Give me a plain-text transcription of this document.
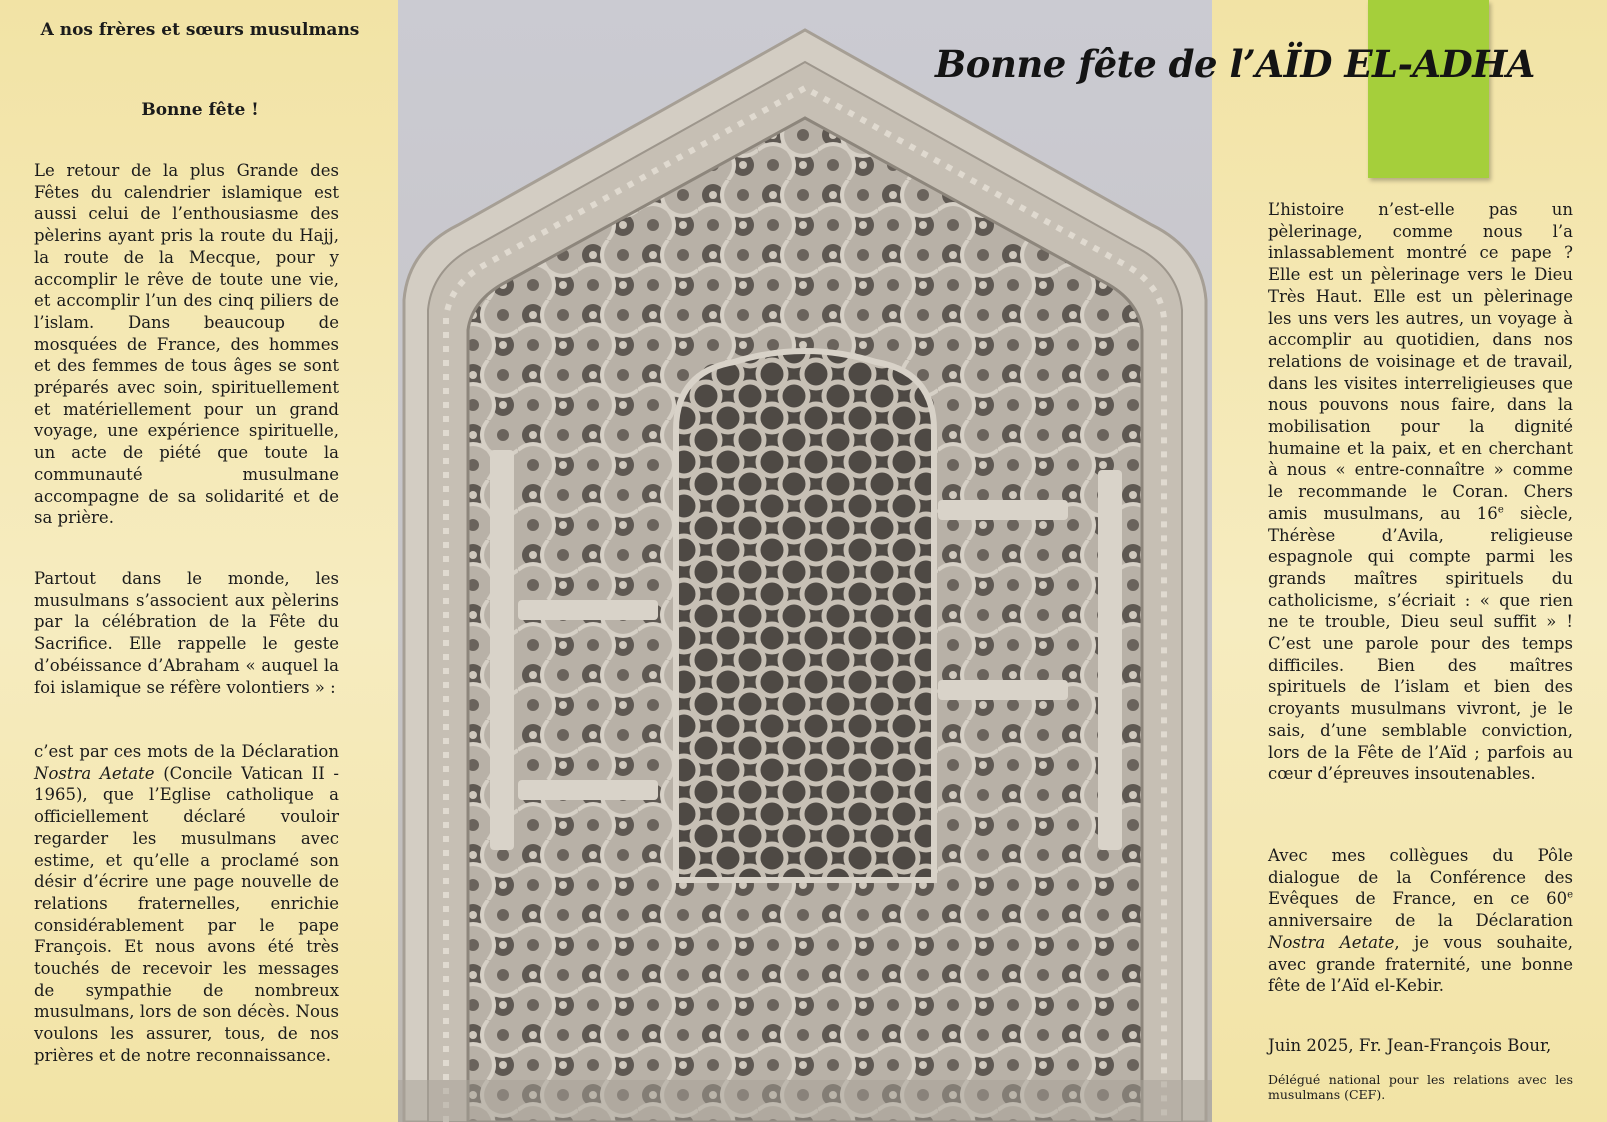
Bonne fête de l’AÏD EL-ADHA
A nos frères et sœurs musulmans
Bonne fête !

Le retour de la plus Grande des Fêtes du calendrier islamique est aussi celui de l’enthousiasme des pèlerins ayant pris la route du Hajj, la route de la Mecque, pour y accomplir le rêve de toute une vie, et accomplir l’un des cinq piliers de l’islam. Dans beaucoup de mosquées de France, des hommes et des femmes de tous âges se sont préparés avec soin, spirituellement et matériellement pour un grand voyage, une expérience spirituelle, un acte de piété que toute la communauté musulmane accompagne de sa solidarité et de sa prière.

Partout dans le monde, les musulmans s’associent aux pèlerins par la célébration de la Fête du Sacrifice. Elle rappelle le geste d’obéissance d’Abraham « auquel la foi islamique se réfère volontiers » :

c’est par ces mots de la Déclaration Nostra Aetate (Concile Vatican II - 1965), que l’Eglise catholique a officiellement déclaré vouloir regarder les musulmans avec estime, et qu’elle a proclamé son désir d’écrire une page nouvelle de relations fraternelles, enrichie considérablement par le pape François. Et nous avons été très touchés de recevoir les messages de sympathie de nombreux musulmans, lors de son décès. Nous voulons les assurer, tous, de nos prières et de notre reconnaissance.

L’histoire n’est-elle pas un pèlerinage, comme nous l’a inlassablement montré ce pape ? Elle est un pèlerinage vers le Dieu Très Haut. Elle est un pèlerinage les uns vers les autres, un voyage à accomplir au quotidien, dans nos relations de voisinage et de travail, dans les visites interreligieuses que nous pouvons nous faire, dans la mobilisation pour la dignité humaine et la paix, et en cherchant à nous « entre-connaître » comme le recommande le Coran. Chers amis musulmans, au 16e siècle, Thérèse d’Avila, religieuse espagnole qui compte parmi les grands maîtres spirituels du catholicisme, s’écriait : « que rien ne te trouble, Dieu seul suffit » ! C’est une parole pour des temps difficiles. Bien des maîtres spirituels de l’islam et bien des croyants musulmans vivront, je le sais, d’une semblable conviction, lors de la Fête de l’Aïd ; parfois au cœur d’épreuves insoutenables.

Avec mes collègues du Pôle dialogue de la Conférence des Evêques de France, en ce 60e anniversaire de la Déclaration Nostra Aetate, je vous souhaite, avec grande fraternité, une bonne fête de l’Aïd el-Kebir.

Juin 2025, Fr. Jean-François Bour,

Délégué national pour les relations avec les musulmans (CEF).
